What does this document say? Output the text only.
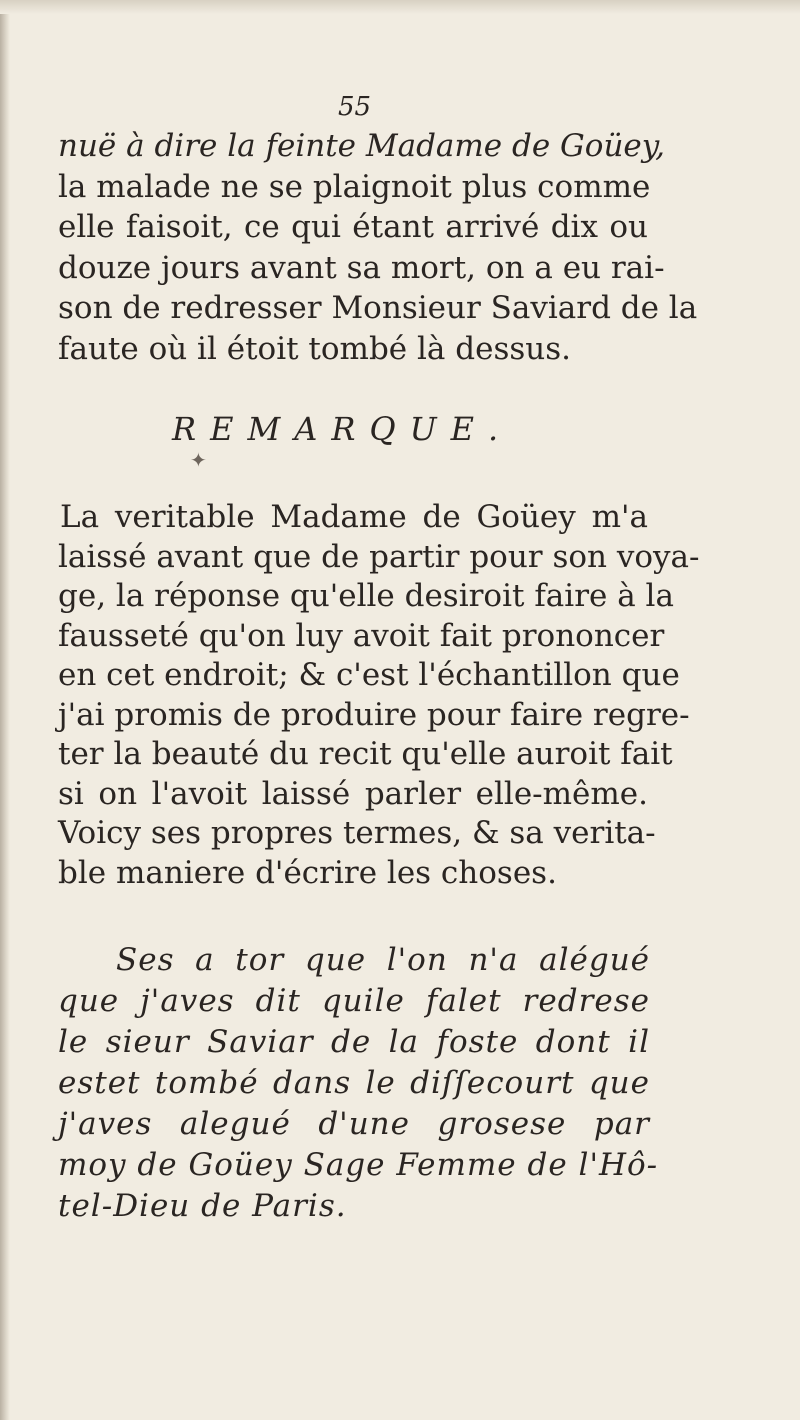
55
nuë à dire la feinte Madame de Goüey,
la malade ne se plaignoit plus comme
elle faisoit, ce qui étant arrivé dix ou
douze jours avant sa mort, on a eu rai-
son de redresser Monsieur Saviard de la
faute où il étoit tombé là dessus.
REMARQUE.
✦
La veritable Madame de Goüey m'a
laissé avant que de partir pour son voya-
ge, la réponse qu'elle desiroit faire à la
fausseté qu'on luy avoit fait prononcer
en cet endroit; & c'est l'échantillon que
j'ai promis de produire pour faire regre-
ter la beauté du recit qu'elle auroit fait
si on l'avoit laissé parler elle-même.
Voicy ses propres termes, & sa verita-
ble maniere d'écrire les choses.
Ses a tor que l'on n'a alégué
que j'aves dit quile falet redrese
le sieur Saviar de la foste dont il
estet tombé dans le diſſecourt que
j'aves alegué d'une grosese par
moy de Goüey Sage Femme de l'Hô-
tel-Dieu de Paris.
